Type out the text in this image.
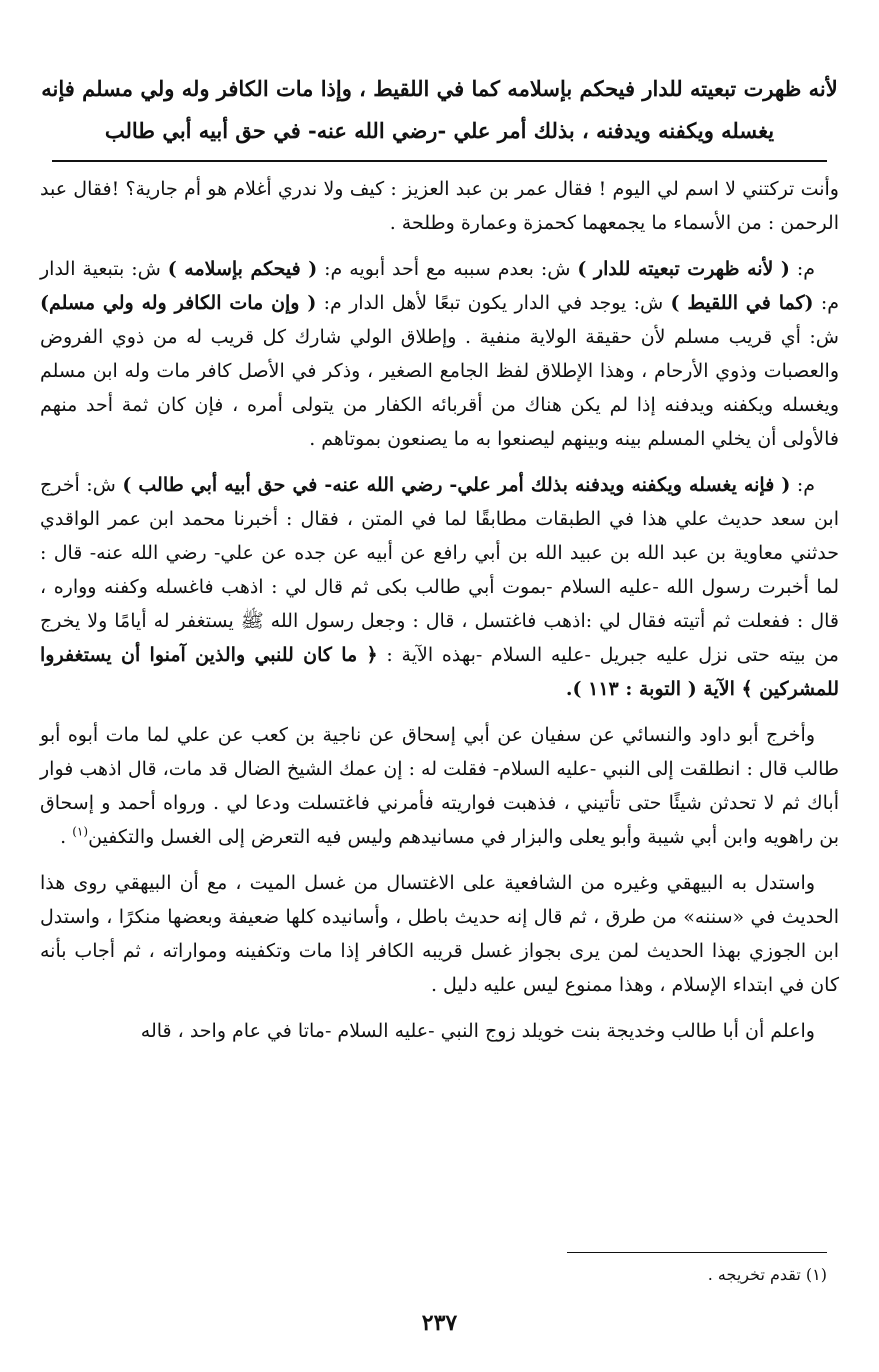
لأنه ظهرت تبعيته للدار فيحكم بإسلامه كما في اللقيط ، وإذا مات الكافر وله ولي مسلم فإنه
يغسله ويكفنه ويدفنه ، بذلك أمر علي -رضي الله عنه- في حق أبيه أبي طالب

وأنت تركتني لا اسم لي اليوم ! فقال عمر بن عبد العزيز : كيف ولا ندري أغلام هو أم جارية؟ !فقال عبد الرحمن : من الأسماء ما يجمعهما كحمزة وعمارة وطلحة .

م: ( لأنه ظهرت تبعيته للدار ) ش: بعدم سببه مع أحد أبويه م: ( فيحكم بإسلامه ) ش: بتبعية الدار م: (كما في اللقيط ) ش: يوجد في الدار يكون تبعًا لأهل الدار م: ( وإن مات الكافر وله ولي مسلم) ش: أي قريب مسلم لأن حقيقة الولاية منفية . وإطلاق الولي شارك كل قريب له من ذوي الفروض والعصبات وذوي الأرحام ، وهذا الإطلاق لفظ الجامع الصغير ، وذكر في الأصل كافر مات وله ابن مسلم ويغسله ويكفنه ويدفنه إذا لم يكن هناك من أقربائه الكفار من يتولى أمره ، فإن كان ثمة أحد منهم فالأولى أن يخلي المسلم بينه وبينهم ليصنعوا به ما يصنعون بموتاهم .

م: ( فإنه يغسله ويكفنه ويدفنه بذلك أمر علي- رضي الله عنه- في حق أبيه أبي طالب ) ش: أخرج ابن سعد حديث علي هذا في الطبقات مطابقًا لما في المتن ، فقال : أخبرنا محمد ابن عمر الواقدي حدثني معاوية بن عبد الله بن عبيد الله بن أبي رافع عن أبيه عن جده عن علي- رضي الله عنه- قال : لما أخبرت رسول الله -عليه السلام -بموت أبي طالب بكى ثم قال لي : اذهب فاغسله وكفنه وواره ، قال : ففعلت ثم أتيته فقال لي :اذهب فاغتسل ، قال : وجعل رسول الله ﷺ يستغفر له أيامًا ولا يخرج من بيته حتى نزل عليه جبريل -عليه السلام -بهذه الآية : ﴿ ما كان للنبي والذين آمنوا أن يستغفروا للمشركين ﴾ الآية ( التوبة : ١١٣ ).

وأخرج أبو داود والنسائي عن سفيان عن أبي إسحاق عن ناجية بن كعب عن علي لما مات أبوه أبو طالب قال : انطلقت إلى النبي -عليه السلام- فقلت له : إن عمك الشيخ الضال قد مات، قال اذهب فوار أباك ثم لا تحدثن شيئًا حتى تأتيني ، فذهبت فواريته فأمرني فاغتسلت ودعا لي . ورواه أحمد و إسحاق بن راهويه وابن أبي شيبة وأبو يعلى والبزار في مسانيدهم وليس فيه التعرض إلى الغسل والتكفين$^{(١)}$ .

واستدل به البيهقي وغيره من الشافعية على الاغتسال من غسل الميت ، مع أن البيهقي روى هذا الحديث في «سننه» من طرق ، ثم قال إنه حديث باطل ، وأسانيده كلها ضعيفة وبعضها منكرًا ، واستدل ابن الجوزي بهذا الحديث لمن يرى بجواز غسل قريبه الكافر إذا مات وتكفينه ومواراته ، ثم أجاب بأنه كان في ابتداء الإسلام ، وهذا ممنوع ليس عليه دليل .

واعلم أن أبا طالب وخديجة بنت خويلد زوج النبي -عليه السلام -ماتا في عام واحد ، قاله

(١) تقدم تخريجه .
٢٣٧
